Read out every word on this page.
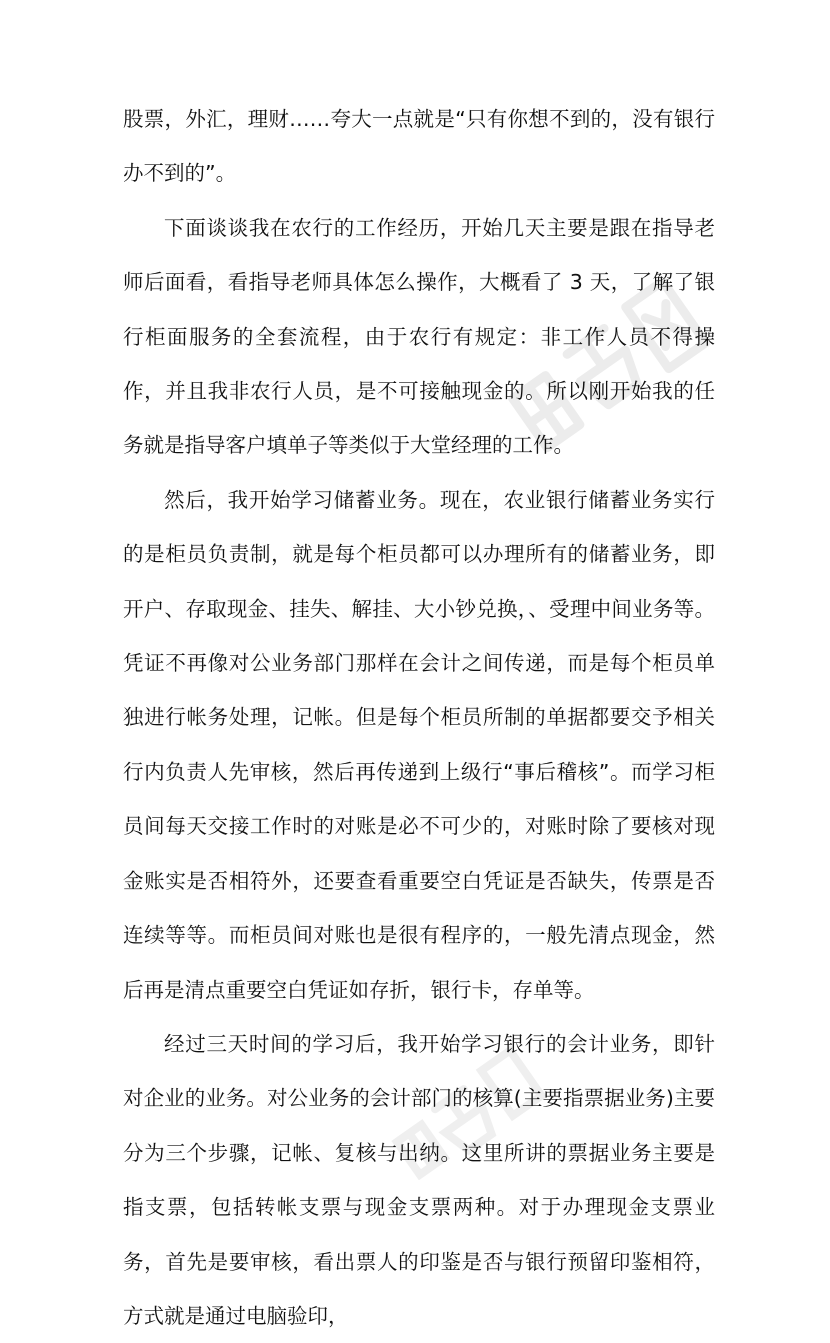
股票，外汇，理财……夸大一点就是“只有你想不到的，没有银行办不到的”。

下面谈谈我在农行的工作经历，开始几天主要是跟在指导老师后面看，看指导老师具体怎么操作，大概看了 3 天，了解了银行柜面服务的全套流程，由于农行有规定：非工作人员不得操作，并且我非农行人员，是不可接触现金的。所以刚开始我的任务就是指导客户填单子等类似于大堂经理的工作。

然后，我开始学习储蓄业务。现在，农业银行储蓄业务实行的是柜员负责制，就是每个柜员都可以办理所有的储蓄业务，即开户、存取现金、挂失、解挂、大小钞兑换，、受理中间业务等。凭证不再像对公业务部门那样在会计之间传递，而是每个柜员单独进行帐务处理，记帐。但是每个柜员所制的单据都要交予相关行内负责人先审核，然后再传递到上级行“事后稽核”。而学习柜员间每天交接工作时的对账是必不可少的，对账时除了要核对现金账实是否相符外，还要查看重要空白凭证是否缺失，传票是否连续等等。而柜员间对账也是很有程序的，一般先清点现金，然后再是清点重要空白凭证如存折，银行卡，存单等。

经过三天时间的学习后，我开始学习银行的会计业务，即针对企业的业务。对公业务的会计部门的核算(主要指票据业务)主要分为三个步骤，记帐、复核与出纳。这里所讲的票据业务主要是指支票，包括转帐支票与现金支票两种。对于办理现金支票业务，首先是要审核，看出票人的印鉴是否与银行预留印鉴相符，方式就是通过电脑验印，
